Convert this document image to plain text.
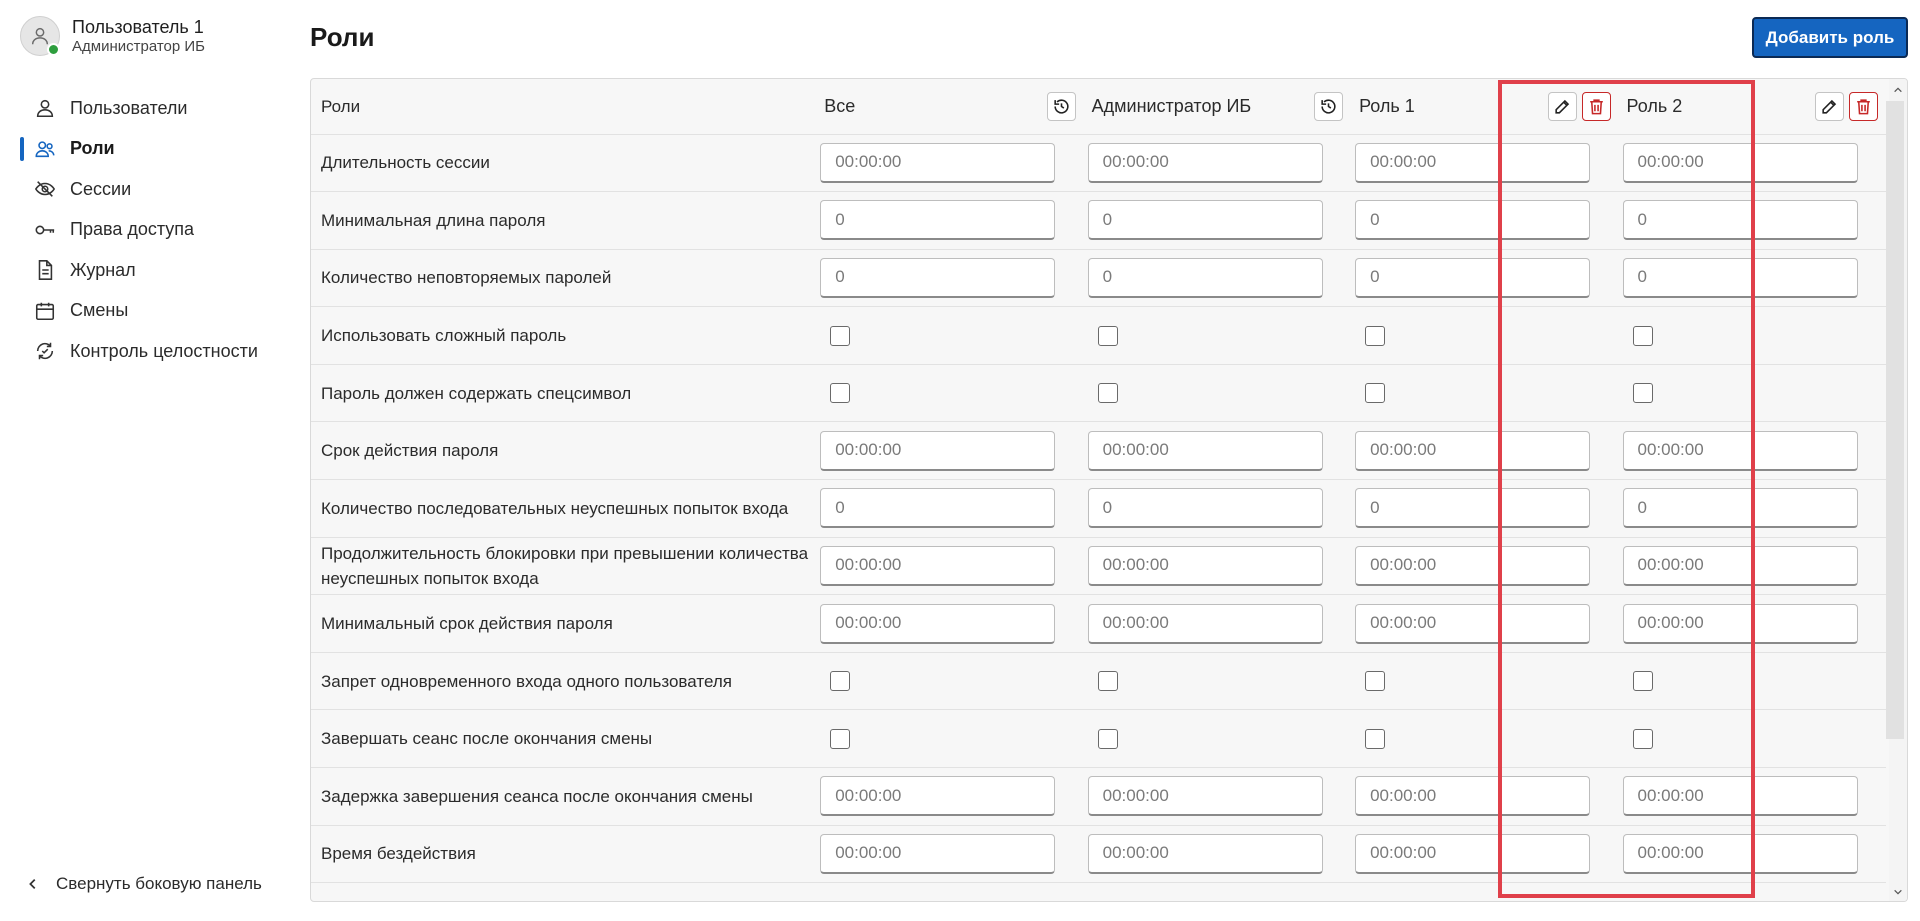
Пользователь 1
Администратор ИБ
Пользователи
Роли
Сессии
Права доступа
Журнал
Смены
Контроль целостности
Свернуть боковую панель
Роли	Добавить роль
Роли	Все	Администратор ИБ	Роль 1	Роль 2

Длительность сессии	00:00:00	00:00:00	00:00:00	00:00:00
Минимальная длина пароля	0	0	0	0
Количество неповторяемых паролей	0	0	0	0
Использовать сложный пароль	

Пароль должен содержать спецсимвол	

Срок действия пароля	00:00:00	00:00:00	00:00:00	00:00:00
Количество последовательных неуспешных попыток входа	0	0	0	0
Продолжительность блокировки при превышении количества неуспешных попыток входа	00:00:00	00:00:00	00:00:00	00:00:00
Минимальный срок действия пароля	00:00:00	00:00:00	00:00:00	00:00:00
Запрет одновременного входа одного пользователя	

Завершать сеанс после окончания смены	

Задержка завершения сеанса после окончания смены	00:00:00	00:00:00	00:00:00	00:00:00
Время бездействия	00:00:00	00:00:00	00:00:00	00:00:00
